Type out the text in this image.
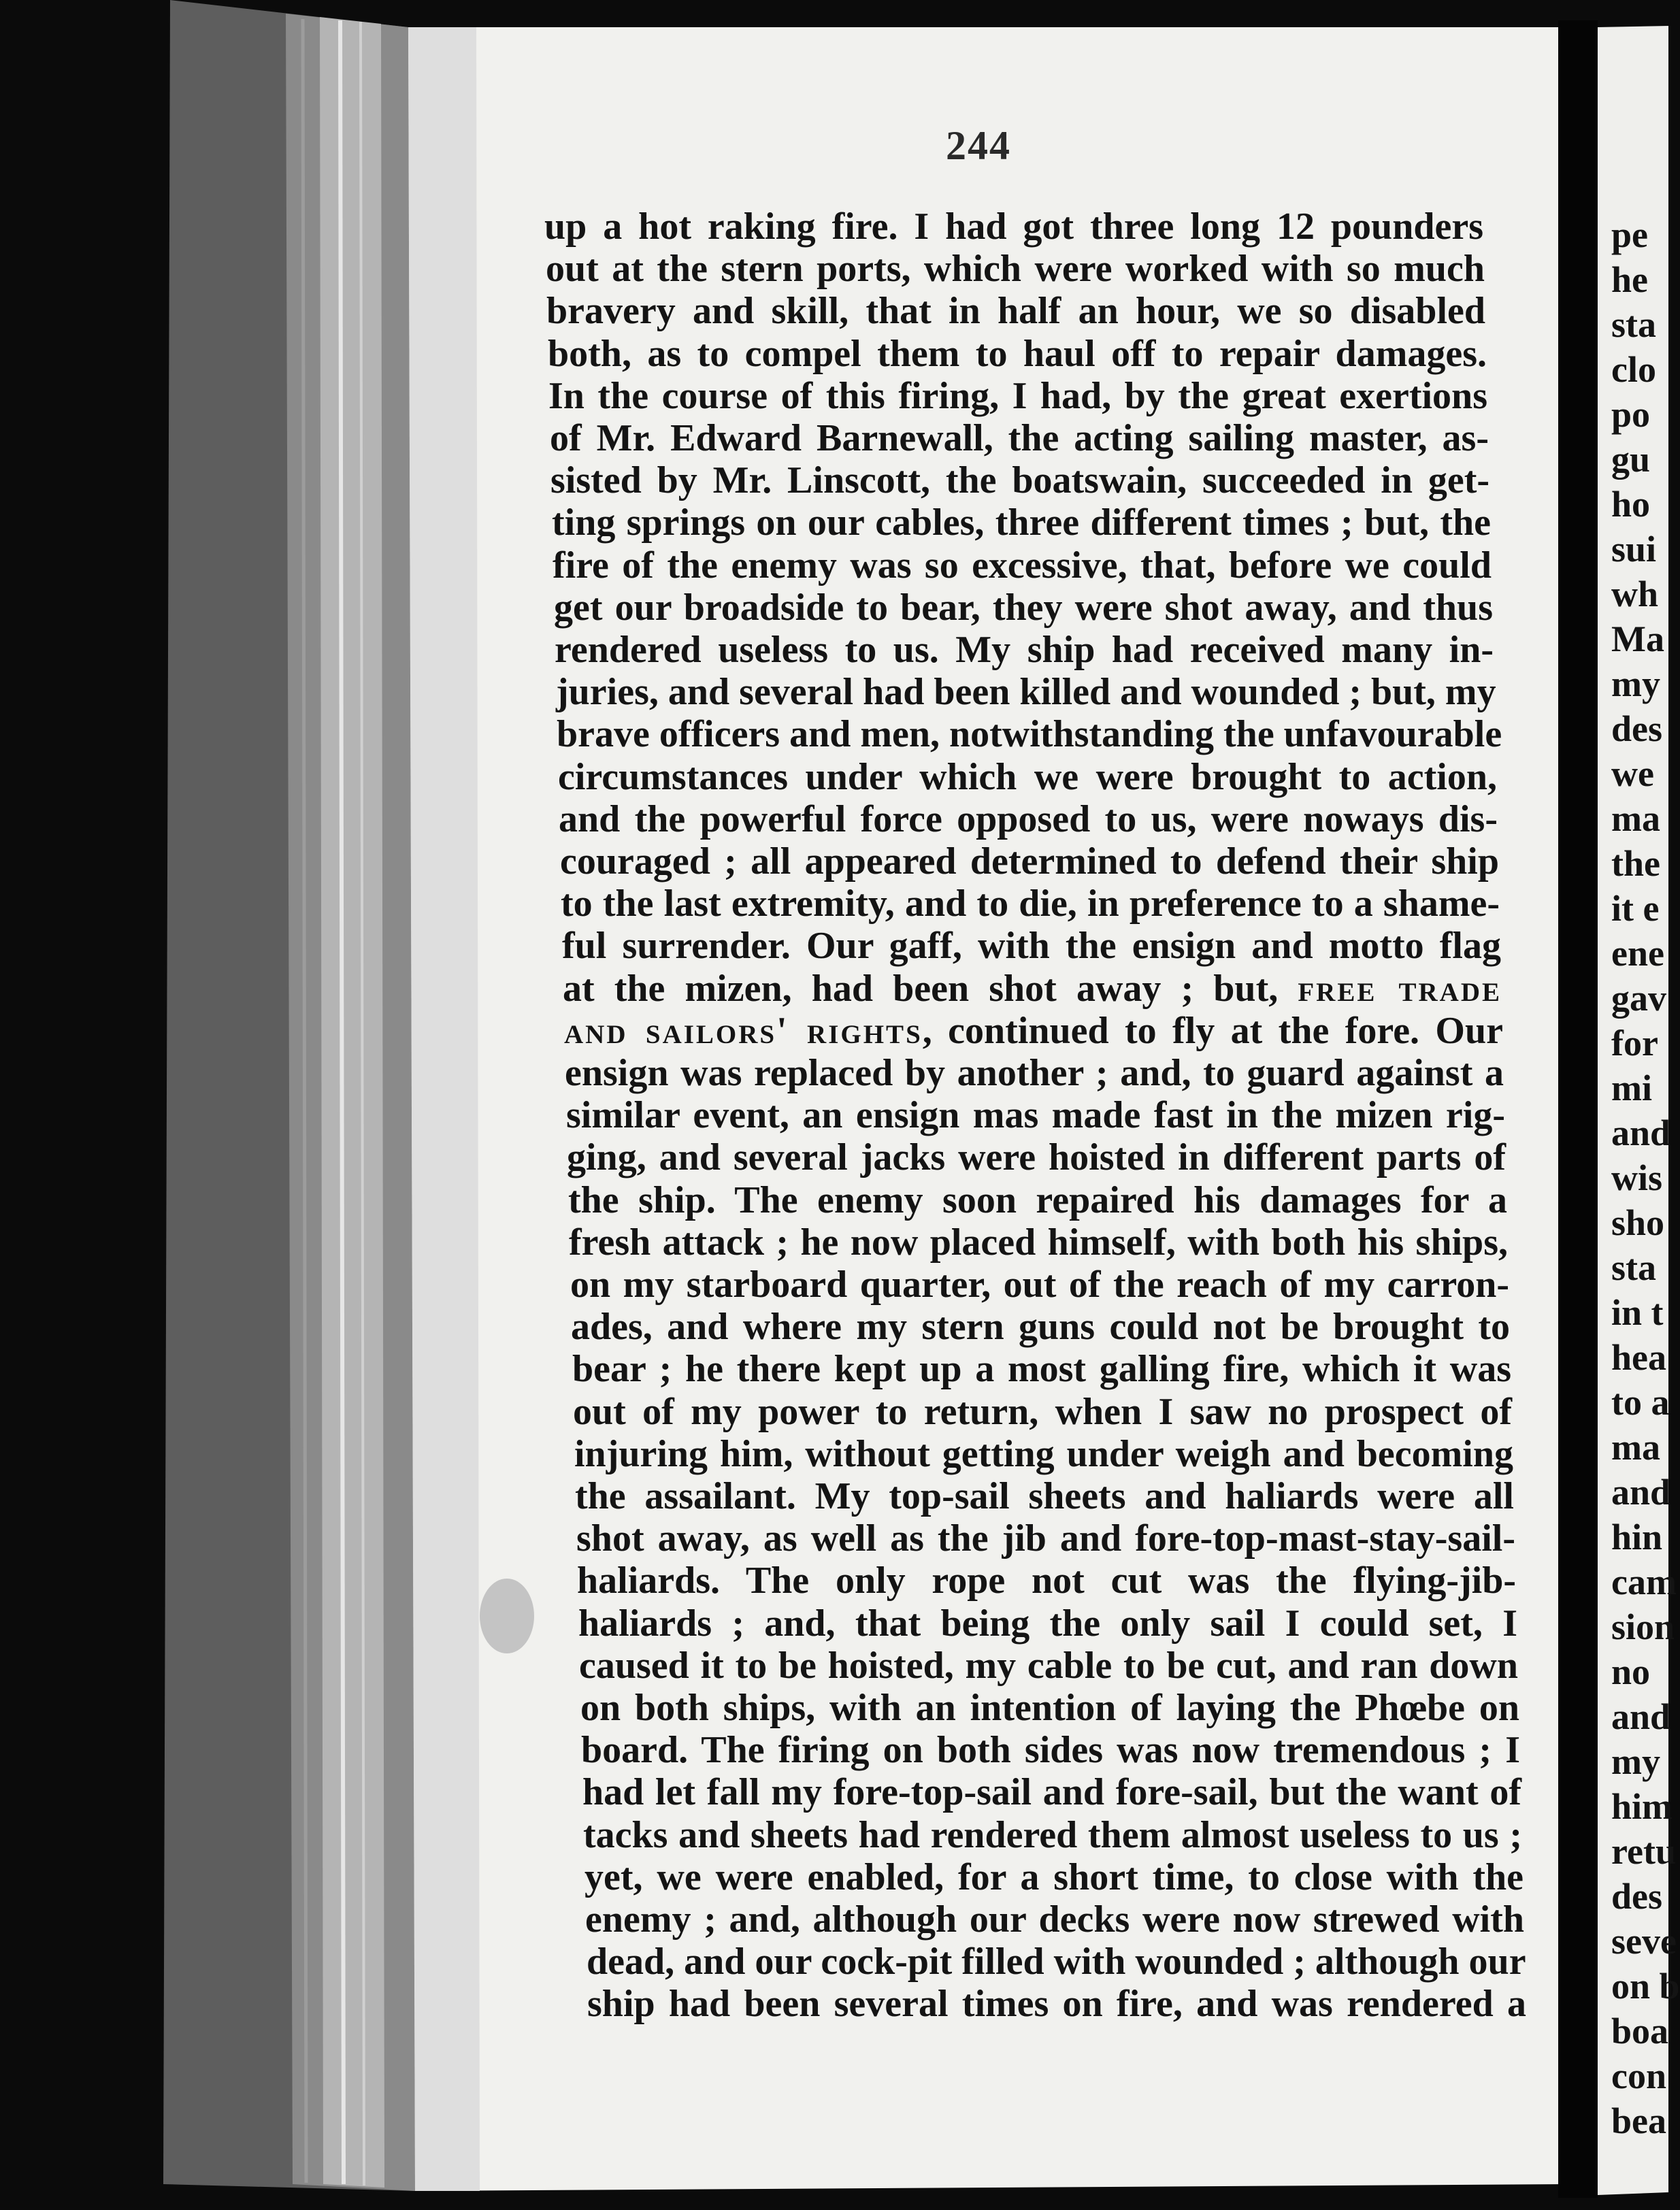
244
up a hot raking fire. I had got three long 12 pounders
out at the stern ports, which were worked with so much
bravery and skill, that in half an hour, we so disabled
both, as to compel them to haul off to repair damages.
In the course of this firing, I had, by the great exertions
of Mr. Edward Barnewall, the acting sailing master, as-
sisted by Mr. Linscott, the boatswain, succeeded in get-
ting springs on our cables, three different times ; but, the
fire of the enemy was so excessive, that, before we could
get our broadside to bear, they were shot away, and thus
rendered useless to us. My ship had received many in-
juries, and several had been killed and wounded ; but, my
brave officers and men, notwithstanding the unfavourable
circumstances under which we were brought to action,
and the powerful force opposed to us, were noways dis-
couraged ; all appeared determined to defend their ship
to the last extremity, and to die, in preference to a shame-
ful surrender. Our gaff, with the ensign and motto flag
at the mizen, had been shot away ; but, free trade
and sailors' rights, continued to fly at the fore. Our
ensign was replaced by another ; and, to guard against a
similar event, an ensign mas made fast in the mizen rig-
ging, and several jacks were hoisted in different parts of
the ship. The enemy soon repaired his damages for a
fresh attack ; he now placed himself, with both his ships,
on my starboard quarter, out of the reach of my carron-
ades, and where my stern guns could not be brought to
bear ; he there kept up a most galling fire, which it was
out of my power to return, when I saw no prospect of
injuring him, without getting under weigh and becoming
the assailant. My top-sail sheets and haliards were all
shot away, as well as the jib and fore-top-mast-stay-sail-
haliards. The only rope not cut was the flying-jib-
haliards ; and, that being the only sail I could set, I
caused it to be hoisted, my cable to be cut, and ran down
on both ships, with an intention of laying the Phœbe on
board. The firing on both sides was now tremendous ; I
had let fall my fore-top-sail and fore-sail, but the want of
tacks and sheets had rendered them almost useless to us ;
yet, we were enabled, for a short time, to close with the
enemy ; and, although our decks were now strewed with
dead, and our cock-pit filled with wounded ; although our
ship had been several times on fire, and was rendered a
pe
he
sta
clo
po
gu
ho
sui
wh
Ma
my
des
we
ma
the
it e
ene
gav
for
mi
and
wis
sho
sta
in t
hea
to a
ma
and
hin
cam
sion
no
and
my
him
retu
des
seve
on b
boa
con
bea
